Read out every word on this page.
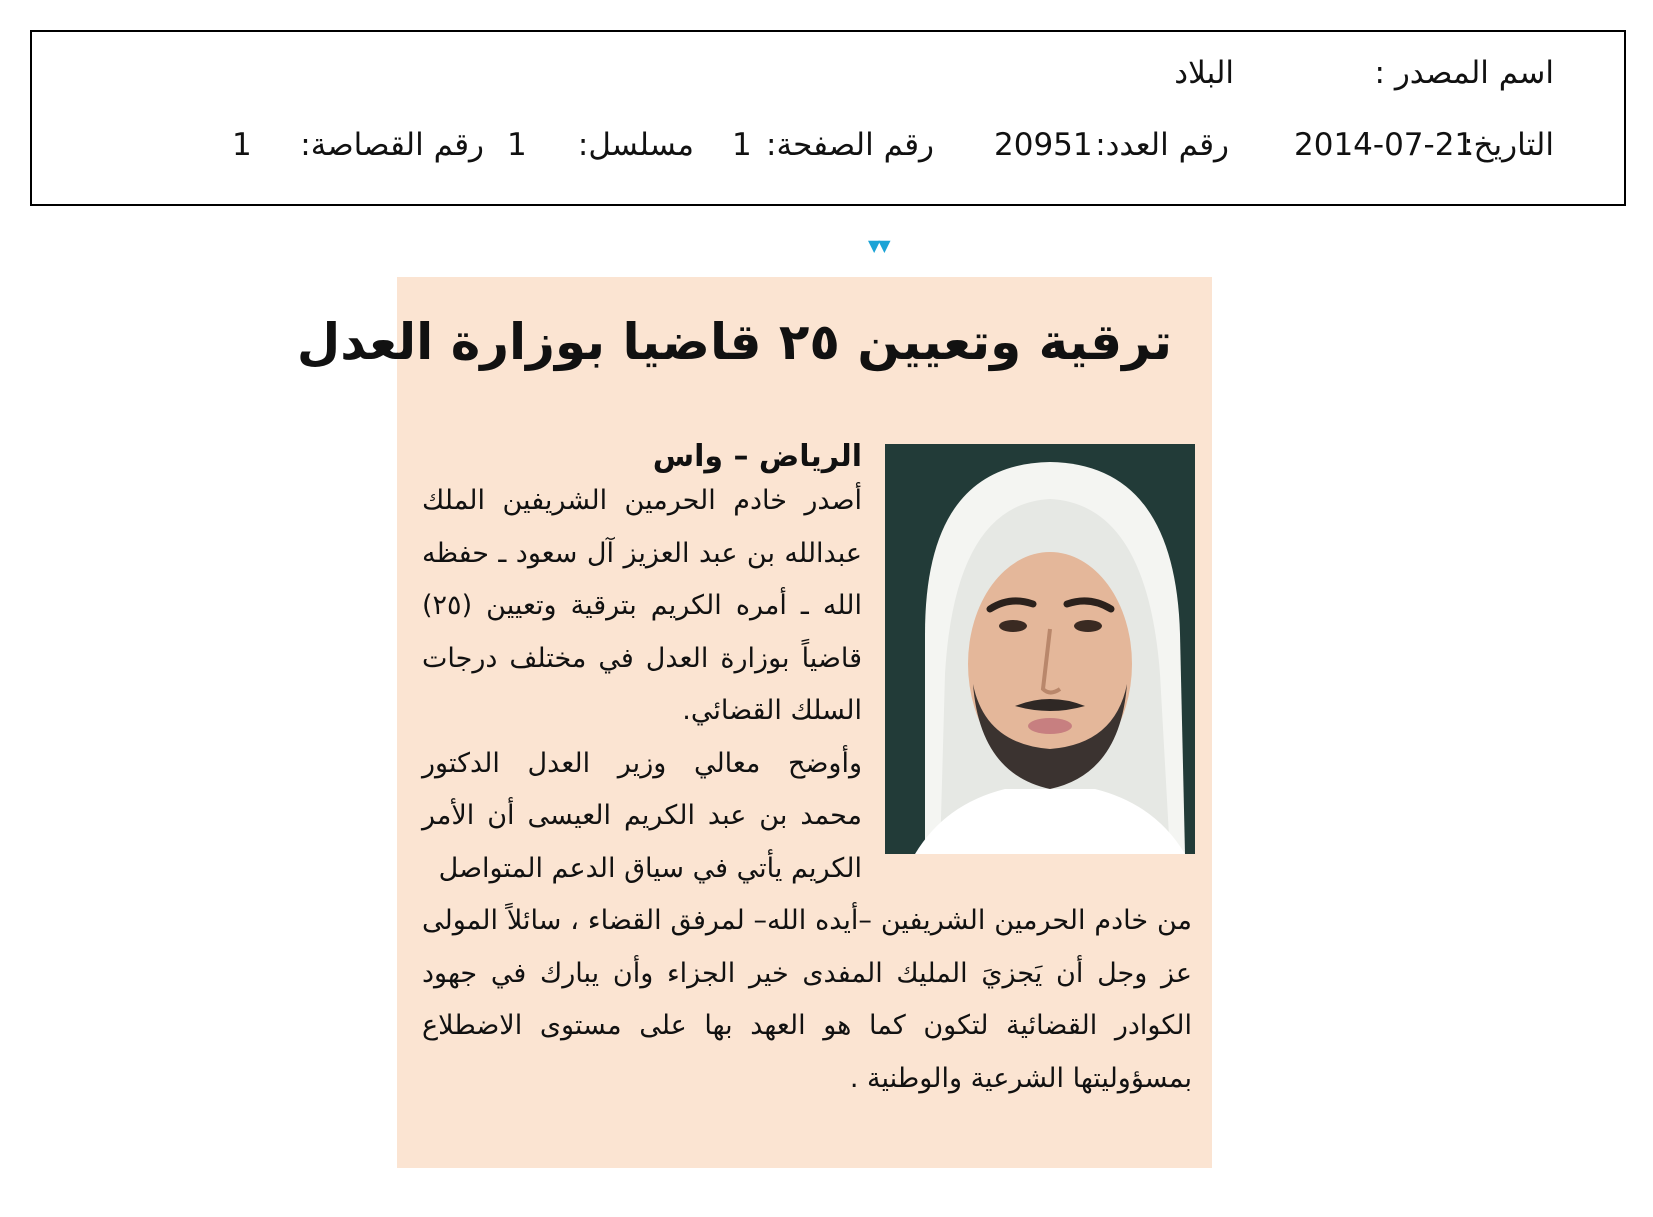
اسم المصدر :
البلاد
التاريخ:
2014-07-21
رقم العدد:
20951
رقم الصفحة:
1
مسلسل:
1
رقم القصاصة:
1
▼▼
ترقية وتعيين ٢٥ قاضيا بوزارة العدل
الرياض – واس
أصدر خادم الحرمين الشريفين الملك
عبدالله بن عبد العزيز آل سعود ـ حفظه
الله ـ أمره الكريم بترقية وتعيين (٢٥)
قاضياً بوزارة العدل في مختلف درجات
السلك القضائي.
وأوضح معالي وزير العدل الدكتور
محمد بن عبد الكريم العيسى أن الأمر
الكريم يأتي في سياق الدعم المتواصل
من خادم الحرمين الشريفين –أيده الله– لمرفق القضاء ، سائلاً المولى
عز وجل أن يَجزيَ المليك المفدى خير الجزاء وأن يبارك في جهود
الكوادر القضائية لتكون كما هو العهد بها على مستوى الاضطلاع
بمسؤوليتها الشرعية والوطنية .
